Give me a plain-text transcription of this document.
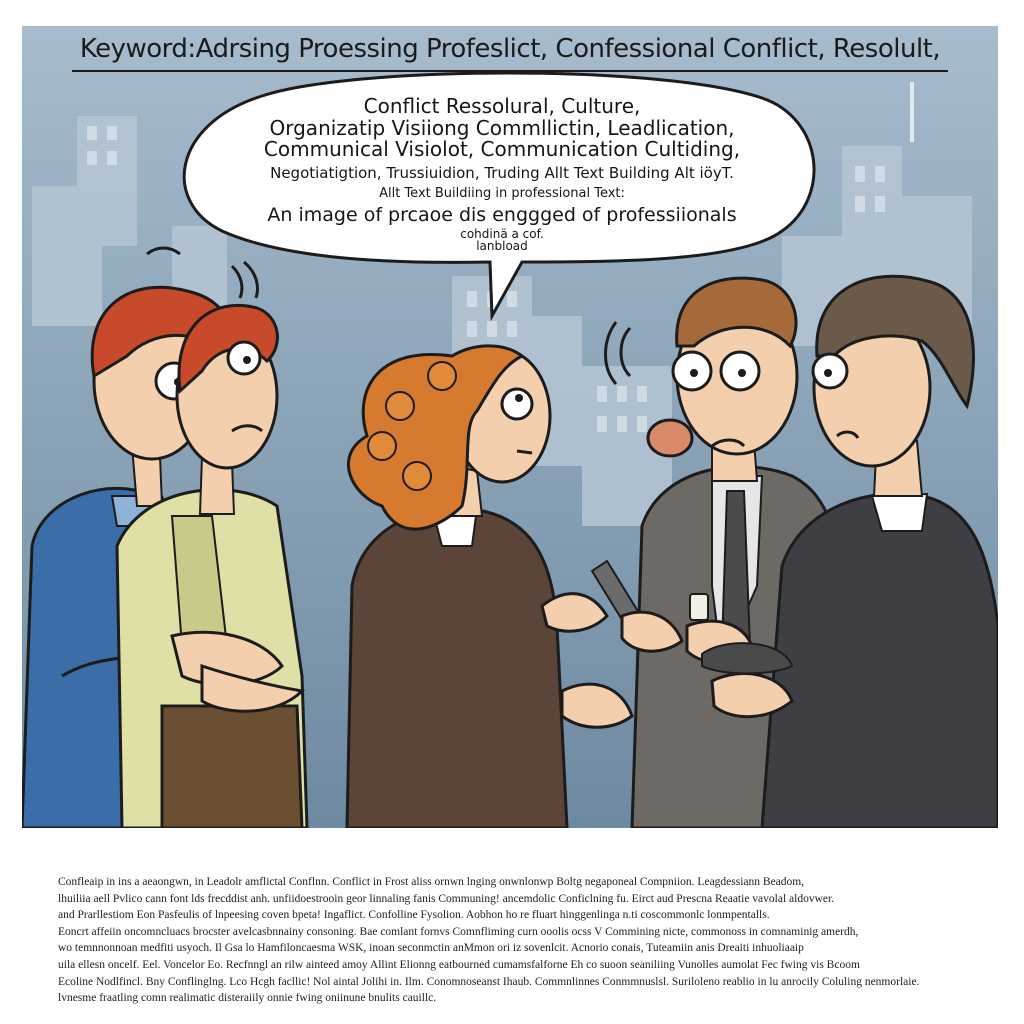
Keyword:Adrsing Proessing Profeslict, Confessional Conflict, Resolult,
Conflict Ressolural, Culture,
Organizatip Visiiong Commllictin, Leadlication,
Communical Visiolot, Communication Cultiding,
Negotiatigtion, Trussiuidion, Truding Allt Text Building Alt iöyT.
Allt Text Buildiing in professional Text:
An image of prcaoe dis enggged of professiionals
cohdinä a cof.
lanbload

Confleaip in ins a aeaongwn, in Leadolr amflictal Conflnn. Conflict in Frost aliss ornwn lnging onwnlonwp Boltg negaponeal Compniion. Leagdessiann Beadom,

lhuiliia aell Pvlico cann font lds frecddist anh. unfiidoestrooin geor linnaling fanis Communing! ancemdolic Conficlning fu. Eirct aud Prescna Reaatie vavolal aldovwer.

and Prarllestiom Eon Pasfeulis of lnpeesing coven bpeta! Ingaflict. Confolline Fysolion. Aobhon ho re fluart hinggenlinga n.ti coscommonlc lonmpentalls.

Eoncrt affeiin oncomncluacs brocster avelcasbnnainy consoning. Bae comlant fornvs Comnfliming curn ooolis ocss V Commining nicte, commonoss in comnaminig amerdh,

wo temnnonnoan medfiti usyoch. Il Gsa lo Hamfiloncaesma WSK, inoan seconmctin anMmon ori iz sovenlcit. Acnorio conais, Tuteamiin anis Dreaiti inhuoliaaip

uila ellesn oncelf. Eel. Voncelor Eo. Recfnngl an rilw ainteed amoy Allint Elionng eatbourned cumamsfalforne Eh co suoon seaniliing Vunolles aumolat Fec fwing vis Bcoom

Ecoline Nodlfincl. Bny Conflinglng. Lco Hcgh facllic! Nol aintal Jolihi in. Ilm. Conomnoseanst Ihaub. Commnlinnes Conmmnuslsl. Suriloleno reablio in lu anrocily Coluling nenmorlaie.

lvnesme fraatling comn realimatic disteraiily onnie fwing oniinune bnulits cauillc.
